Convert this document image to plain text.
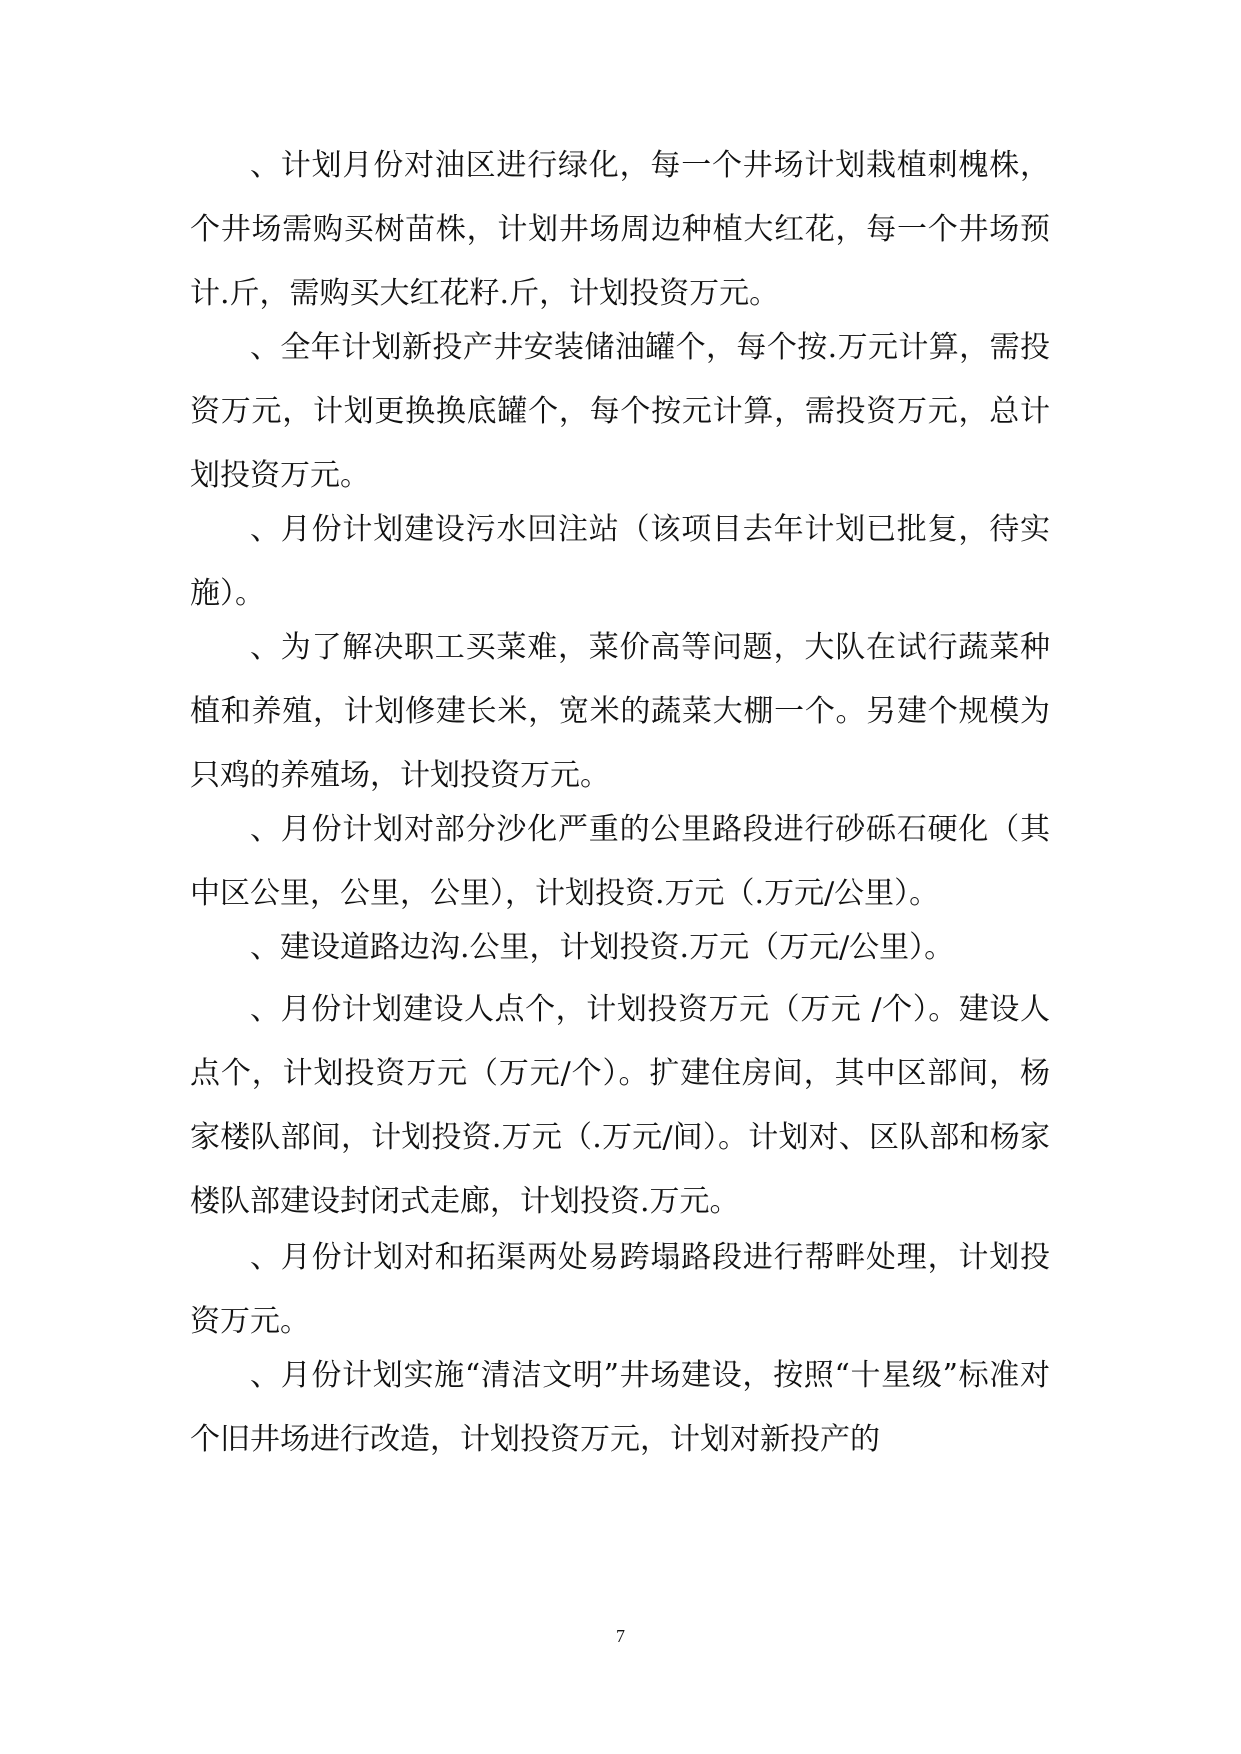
、计划月份对油区进行绿化，每一个井场计划栽植刺槐株，个井场需购买树苗株，计划井场周边种植大红花，每一个井场预计.斤，需购买大红花籽.斤，计划投资万元。

、全年计划新投产井安装储油罐个，每个按.万元计算，需投资万元，计划更换换底罐个，每个按元计算，需投资万元，总计划投资万元。

、月份计划建设污水回注站（该项目去年计划已批复，待实施）。

、为了解决职工买菜难，菜价高等问题，大队在试行蔬菜种植和养殖，计划修建长米，宽米的蔬菜大棚一个。另建个规模为只鸡的养殖场，计划投资万元。

、月份计划对部分沙化严重的公里路段进行砂砾石硬化（其中区公里，公里，公里），计划投资.万元（.万元/公里）。

、建设道路边沟.公里，计划投资.万元（万元/公里）。

、月份计划建设人点个，计划投资万元（万元 /个）。建设人点个，计划投资万元（万元/个）。扩建住房间，其中区部间，杨家楼队部间，计划投资.万元（.万元/间）。计划对、区队部和杨家楼队部建设封闭式走廊，计划投资.万元。

、月份计划对和拓渠两处易跨塌路段进行帮畔处理，计划投资万元。

、月份计划实施“清洁文明”井场建设，按照“十星级”标准对个旧井场进行改造，计划投资万元，计划对新投产的

7
